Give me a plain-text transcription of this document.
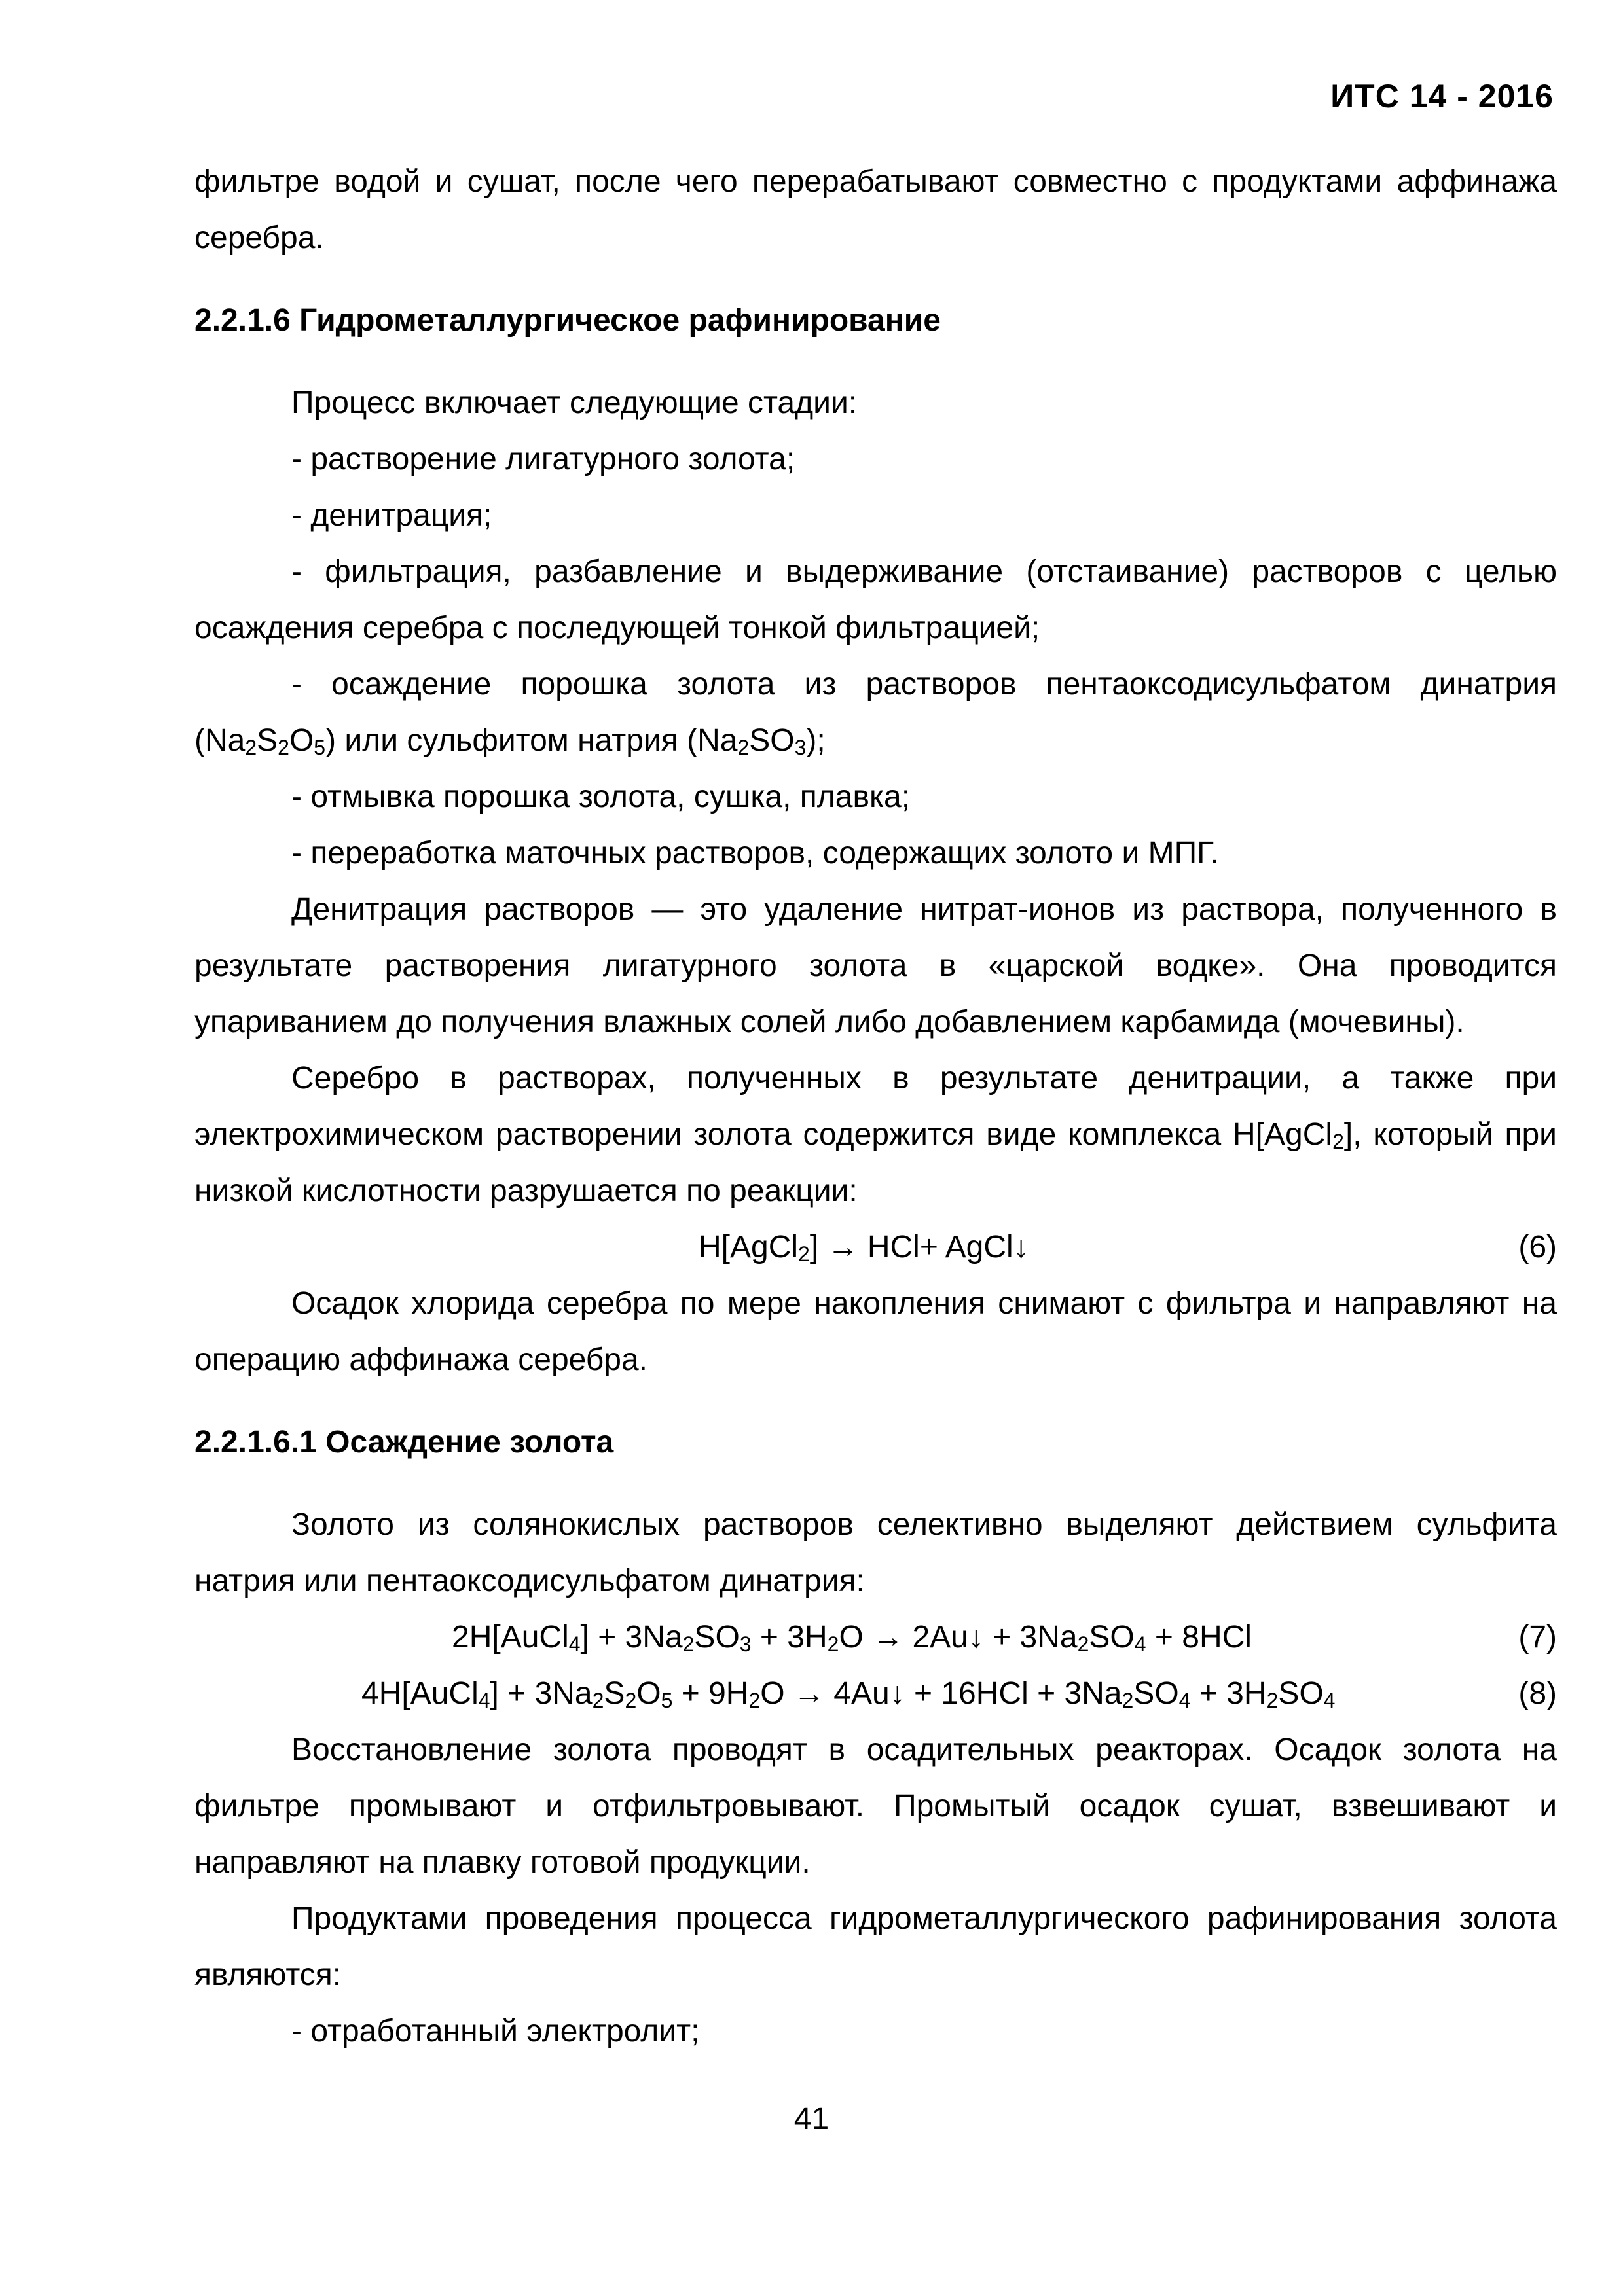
ИТС 14 - 2016

фильтре водой и сушат, после чего перерабатывают совместно с продуктами аффинажа серебра.

2.2.1.6 Гидрометаллургическое рафинирование

Процесс включает следующие стадии:

- растворение лигатурного золота;

- денитрация;

- фильтрация, разбавление и выдерживание (отстаивание) растворов с целью осаждения серебра с последующей тонкой фильтрацией;

- осаждение порошка золота из растворов пентаоксодисульфатом динатрия $(Na_2S_2O_5)$ или сульфитом натрия $(Na_2SO_3)$;

- отмывка порошка золота, сушка, плавка;

- переработка маточных растворов, содержащих золото и МПГ.

Денитрация растворов — это удаление нитрат-ионов из раствора, полученного в результате растворения лигатурного золота в «царской водке». Она проводится упариванием до получения влажных солей либо добавлением карбамида (мочевины).

Серебро в растворах, полученных в результате денитрации, а также при электрохимическом растворении золота содержится виде комплекса H[AgCl$_2$], который при низкой кислотности разрушается по реакции:

H[AgCl$_2$] → HCl+ AgCl↓	(6)

Осадок хлорида серебра по мере накопления снимают с фильтра и направляют на операцию аффинажа серебра.

2.2.1.6.1 Осаждение золота

Золото из солянокислых растворов селективно выделяют действием сульфита натрия или пентаоксодисульфатом динатрия:

2H[AuCl$_4$] + $3Na_2SO_3 + 3H_2O$ → 2Au↓ + $3Na_2SO_4 + 8HCl$	(7)
4H[AuCl$_4$] + $3Na_2S_2O_5 + 9H_2O$ → 4Au↓ + $16HCl + 3Na_2SO_4 + 3H_2SO_4$	(8)

Восстановление золота проводят в осадительных реакторах. Осадок золота на фильтре промывают и отфильтровывают. Промытый осадок сушат, взвешивают и направляют на плавку готовой продукции.

Продуктами проведения процесса гидрометаллургического рафинирования золота являются:

- отработанный электролит;

41
